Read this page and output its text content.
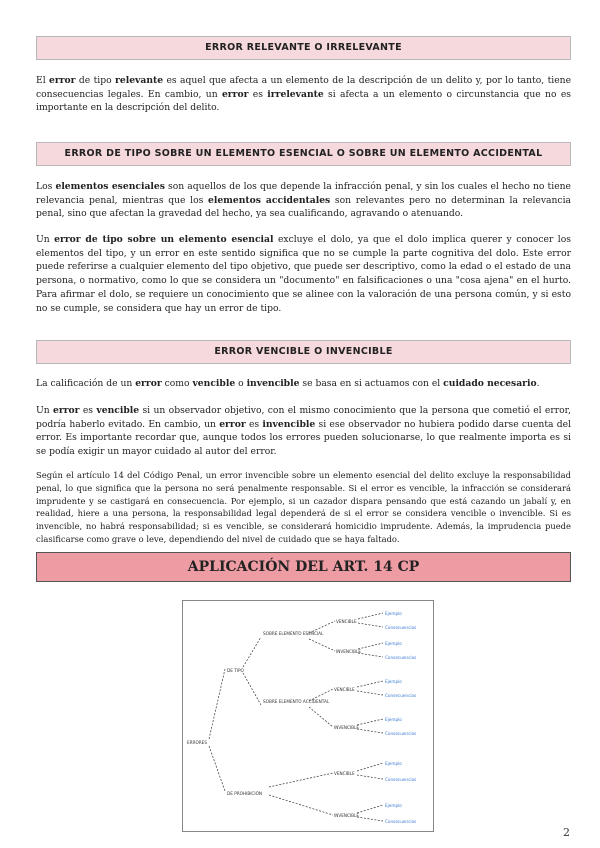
ERROR RELEVANTE O IRRELEVANTE

El error de tipo relevante es aquel que afecta a un elemento de la descripción de un delito y, por lo tanto, tiene consecuencias legales. En cambio, un error es irrelevante si afecta a un elemento o circunstancia que no es importante en la descripción del delito.

ERROR DE TIPO SOBRE UN ELEMENTO ESENCIAL O SOBRE UN ELEMENTO ACCIDENTAL

Los elementos esenciales son aquellos de los que depende la infracción penal, y sin los cuales el hecho no tiene relevancia penal, mientras que los elementos accidentales son relevantes pero no determinan la relevancia penal, sino que afectan la gravedad del hecho, ya sea cualificando, agravando o atenuando.

Un error de tipo sobre un elemento esencial excluye el dolo, ya que el dolo implica querer y conocer los elementos del tipo, y un error en este sentido significa que no se cumple la parte cognitiva del dolo. Este error puede referirse a cualquier elemento del tipo objetivo, que puede ser descriptivo, como la edad o el estado de una persona, o normativo, como lo que se considera un "documento" en falsificaciones o una "cosa ajena" en el hurto. Para afirmar el dolo, se requiere un conocimiento que se alinee con la valoración de una persona común, y si esto no se cumple, se considera que hay un error de tipo.

ERROR VENCIBLE O INVENCIBLE

La calificación de un error como vencible o invencible se basa en si actuamos con el cuidado necesario.

Un error es vencible si un observador objetivo, con el mismo conocimiento que la persona que cometió el error, podría haberlo evitado. En cambio, un error es invencible si ese observador no hubiera podido darse cuenta del error. Es importante recordar que, aunque todos los errores pueden solucionarse, lo que realmente importa es si se podía exigir un mayor cuidado al autor del error.

Según el artículo 14 del Código Penal, un error invencible sobre un elemento esencial del delito excluye la responsabilidad penal, lo que significa que la persona no será penalmente responsable. Si el error es vencible, la infracción se considerará imprudente y se castigará en consecuencia. Por ejemplo, si un cazador dispara pensando que está cazando un jabalí y, en realidad, hiere a una persona, la responsabilidad legal dependerá de si el error se considera vencible o invencible. Si es invencible, no habrá responsabilidad; si es vencible, se considerará homicidio imprudente. Además, la imprudencia puede clasificarse como grave o leve, dependiendo del nivel de cuidado que se haya faltado.

APLICACIÓN DEL ART. 14 CP
ERRORES
DE TIPO
DE PROHIBICIÓN
SOBRE ELEMENTO ESENCIAL
SOBRE ELEMENTO ACCIDENTAL
VENCIBLE
INVENCIBLE
VENCIBLE
INVENCIBLE
VENCIBLE
INVENCIBLE
Ejemplo
Consecuencias
Ejemplo
Consecuencias
Ejemplo
Consecuencias
Ejemplo
Consecuencias
Ejemplo
Consecuencias
Ejemplo
Consecuencias
2
